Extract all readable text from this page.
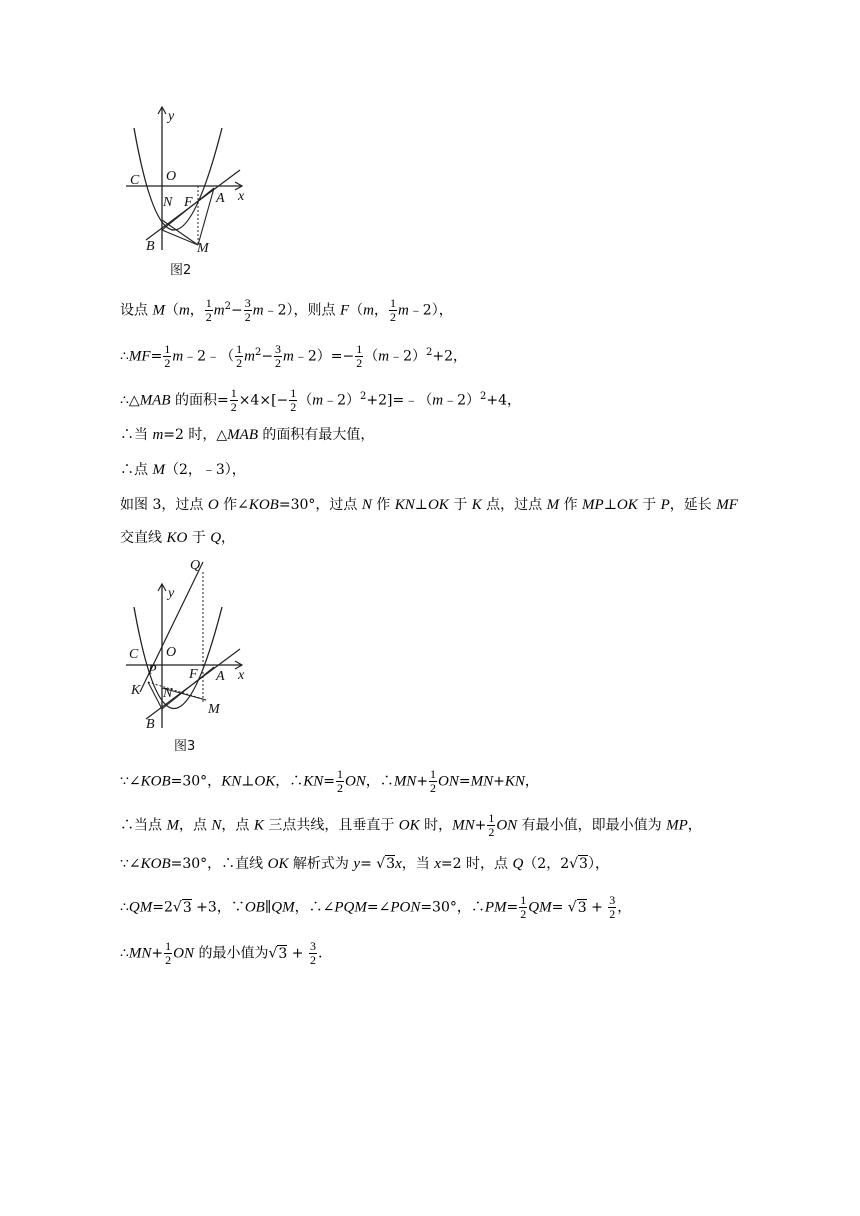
y
x
C O
N F A
B	M
图2
设点 M（m， $\frac{1}{2} m^2- \frac{3}{2}$ m﹣2），则点 F（m， $\frac{1}{2}$ m﹣2），
∴MF= $\frac{1}{2}$ m﹣2﹣（ $\frac{1}{2} m^2- \frac{3}{2}$ m﹣2）=− $\frac{1}{2}$ （m﹣2）$^2$+2，
∴△MAB 的面积= $\frac{1}{2} \times 4\times[- \frac{1}{2}$ （m﹣2）$^2$+2]=﹣（m﹣2）$^2$+4，
∴当 m=2 时，△MAB 的面积有最大值，
∴点 M（2，﹣3），
如图 3，过点 O 作∠KOB=30°，过点 N 作 KN⊥OK 于 K 点，过点 M 作 MP⊥OK 于 P，延长 MF
交直线 KO 于 Q，
y
x
Q
C
P
O
F A
K N
B
M
图3
∵∠KOB=30°，KN⊥OK，∴KN= $\frac{1}{2}$ ON，∴MN+ $\frac{1}{2} ON=MN+KN$，
∴当点 M，点 N，点 K 三点共线，且垂直于 OK 时，$MN+ \frac{1}{2}$ ON 有最小值，即最小值为 MP，
∵∠KOB=30°，∴直线 OK 解析式为 y= √3x，当 x=2 时，点 Q（2，2√3），
∴QM=2√3 +3，∵OB∥QM，∴∠PQM=∠PON=30°，∴PM= $\frac{1}{2} QM= √3 + \frac{3}{2}$ ，
∴MN+ $\frac{1}{2}$ ON 的最小值为$√3 + \frac{3}{2}$ .
